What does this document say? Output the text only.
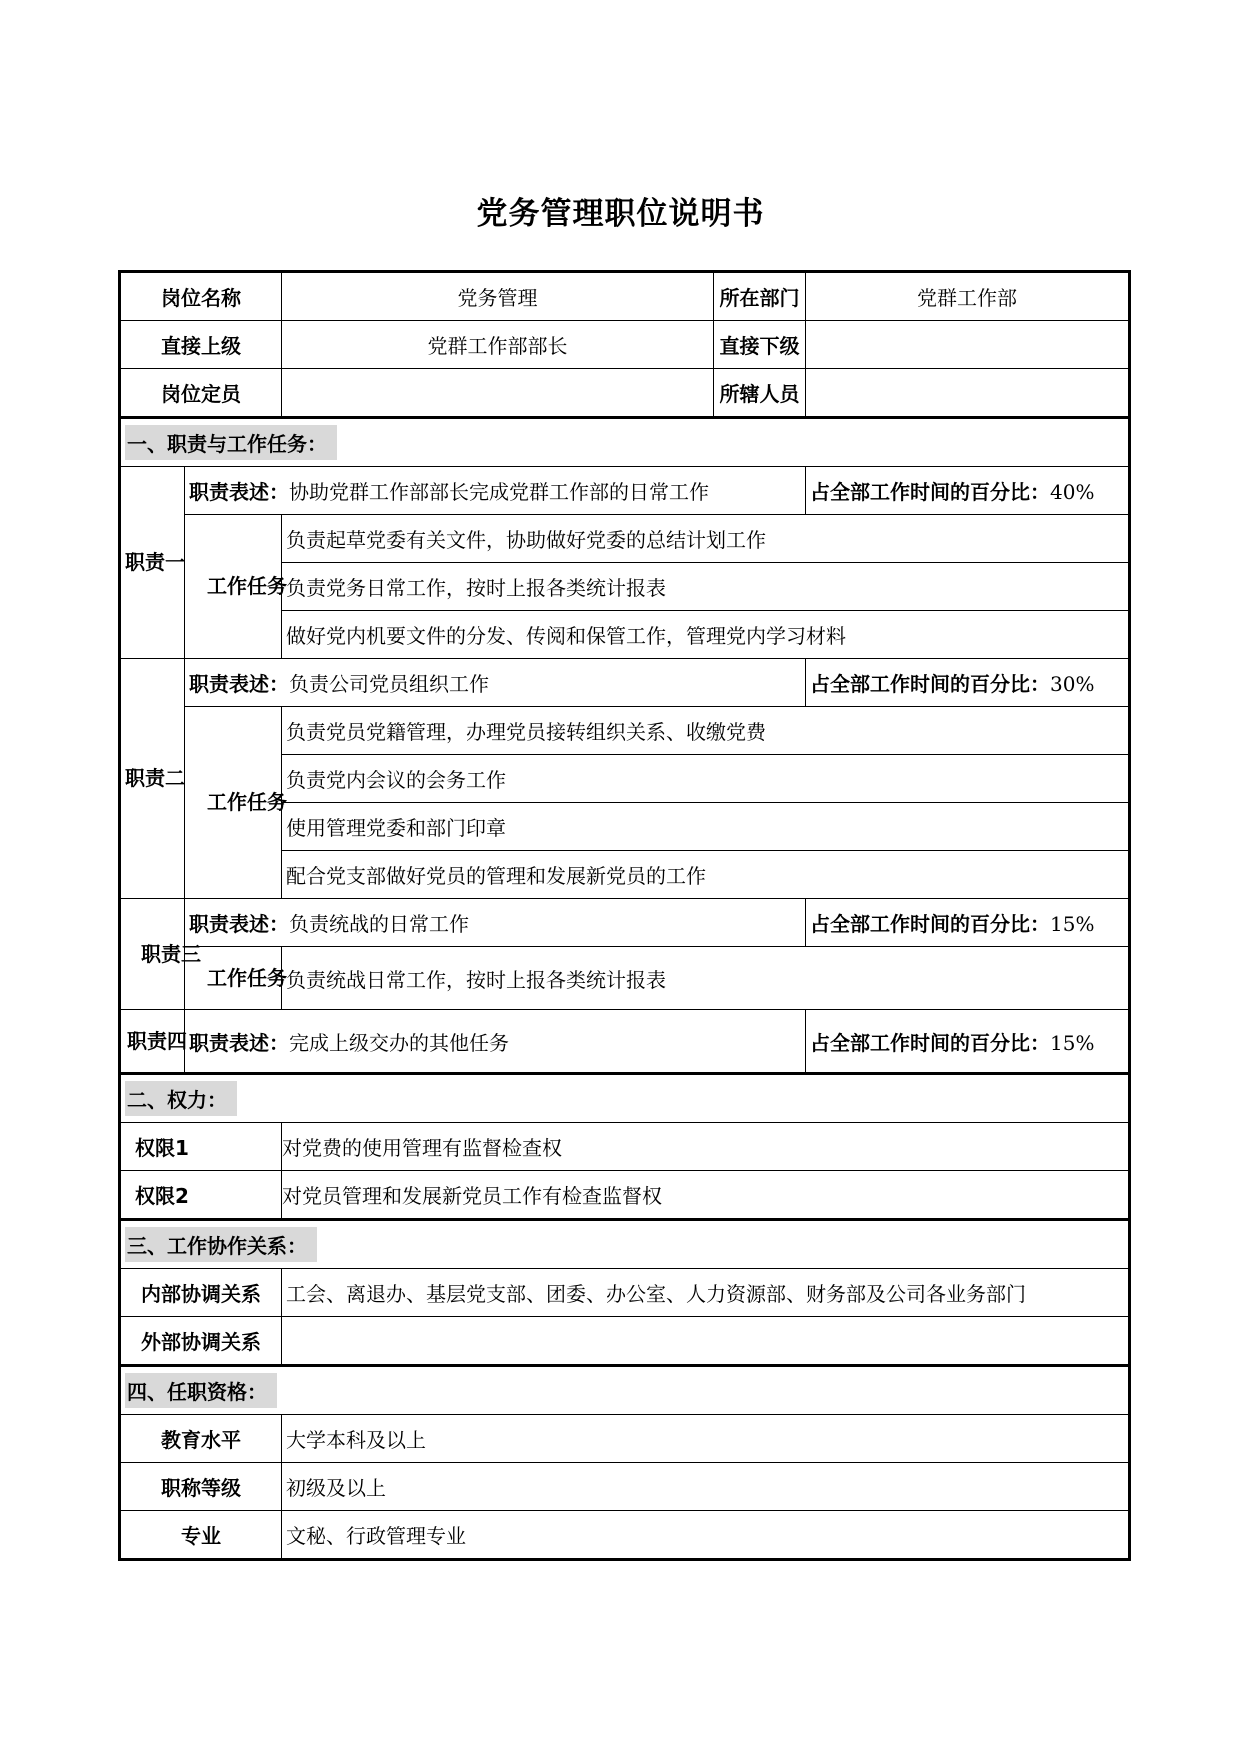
党务管理职位说明书
岗位名称		党务管理	所在部门	党群工作部
直接上级		党群工作部部长	直接下级	
岗位定员			所辖人员	
一、职责与工作任务：				
职责一	职责表述：协助党群工作部部长完成党群工作部的日常工作			占全部工作时间的百分比：40%
	工作任务	负责起草党委有关文件，协助做好党委的总结计划工作		
		负责党务日常工作，按时上报各类统计报表		
		做好党内机要文件的分发、传阅和保管工作，管理党内学习材料		
职责二	职责表述：负责公司党员组织工作			占全部工作时间的百分比：30%
	工作任务	负责党员党籍管理，办理党员接转组织关系、收缴党费		
		负责党内会议的会务工作		
		使用管理党委和部门印章		
		配合党支部做好党员的管理和发展新党员的工作		
职责三	职责表述：负责统战的日常工作			占全部工作时间的百分比：15%
	工作任务	负责统战日常工作，按时上报各类统计报表		
职责四	职责表述：完成上级交办的其他任务			占全部工作时间的百分比：15%
二、权力：				
权限1		对党费的使用管理有监督检查权		
权限2		对党员管理和发展新党员工作有检查监督权		
三、工作协作关系：				
内部协调关系		工会、离退办、基层党支部、团委、办公室、人力资源部、财务部及公司各业务部门		
外部协调关系				
四、任职资格：				
教育水平		大学本科及以上		
职称等级		初级及以上		
专业		文秘、行政管理专业		
